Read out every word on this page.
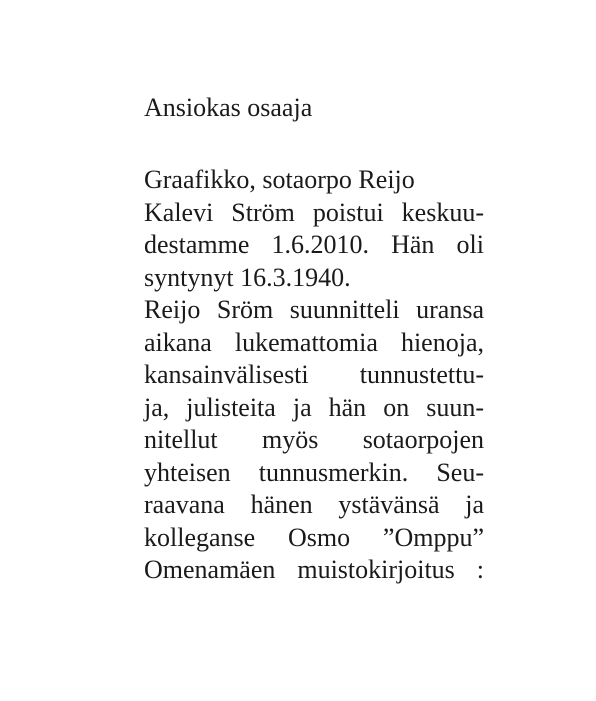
Ansiokas osaaja
Graafikko, sotaorpo Reijo
Kalevi Ström poistui keskuu-
destamme 1.6.2010. Hän oli
syntynyt 16.3.1940.
Reijo Sröm suunnitteli uransa
aikana lukemattomia hienoja,
kansainvälisesti tunnustettu-
ja, julisteita ja hän on suun-
nitellut myös sotaorpojen
yhteisen tunnusmerkin. Seu-
raavana hänen ystävänsä ja
kolleganse Osmo ”Omppu”
Omenamäen muistokirjoitus :
